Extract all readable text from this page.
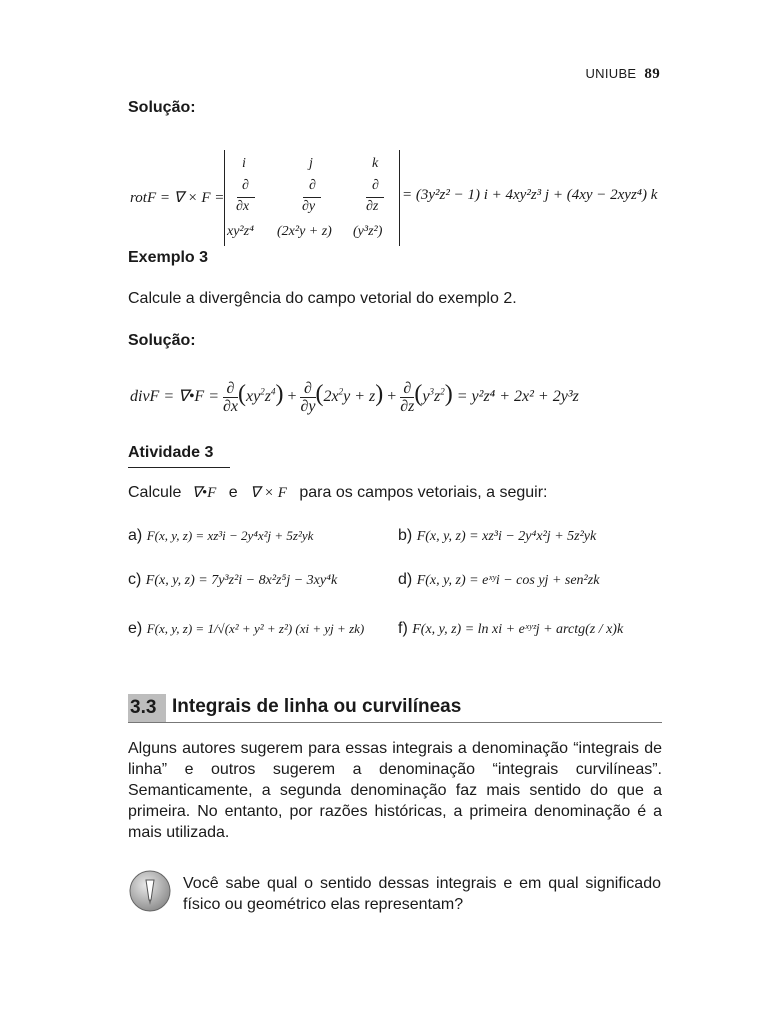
UNIUBE 89
Solução:
rotF = ∇ × F =
i	j	k
∂	∂	∂
∂x	∂y	∂z
xy²z⁴ (2x²y + z) (y³z²)
= (3y²z² − 1) i + 4xy²z³ j + (4xy − 2xyz⁴) k
Exemplo 3
Calcule a divergência do campo vetorial do exemplo 2.
Solução:
divF = ∇•F = $\frac{\partial}{\partial x} (xy^2z^4) + \frac{\partial}{\partial y} (2x^2y + z) + \frac{\partial}{\partial z} (y^3z^2) = y^2z^4 + 2x^2 + 2y^3z$
Atividade 3
Calcule ∇•F e ∇ × F para os campos vetoriais, a seguir:
a) F(x, y, z) = xz³i − 2y⁴x²j + 5z²yk	b) F(x, y, z) = xz³i − 2y⁴x²j + 5z²yk
c) F(x, y, z) = 7y³z²i − 8x²z⁵j − 3xy⁴k	d) F(x, y, z) = eˣʸi − cos yj + sen²zk
e) F(x, y, z) = 1/√(x² + y² + z²) (xi + yj + zk) f) F(x, y, z) = ln xi + eˣʸᶻj + arctg(z / x)k
3.3 Integrais de linha ou curvilíneas
Alguns autores sugerem para essas integrais a denominação “integrais de linha” e outros sugerem a denominação “integrais curvilíneas”. Semanticamente, a segunda denominação faz mais sentido do que a primeira. No entanto, por razões históricas, a primeira denominação é a mais utilizada.
Você sabe qual o sentido dessas integrais e em qual significado físico ou geométrico elas representam?
